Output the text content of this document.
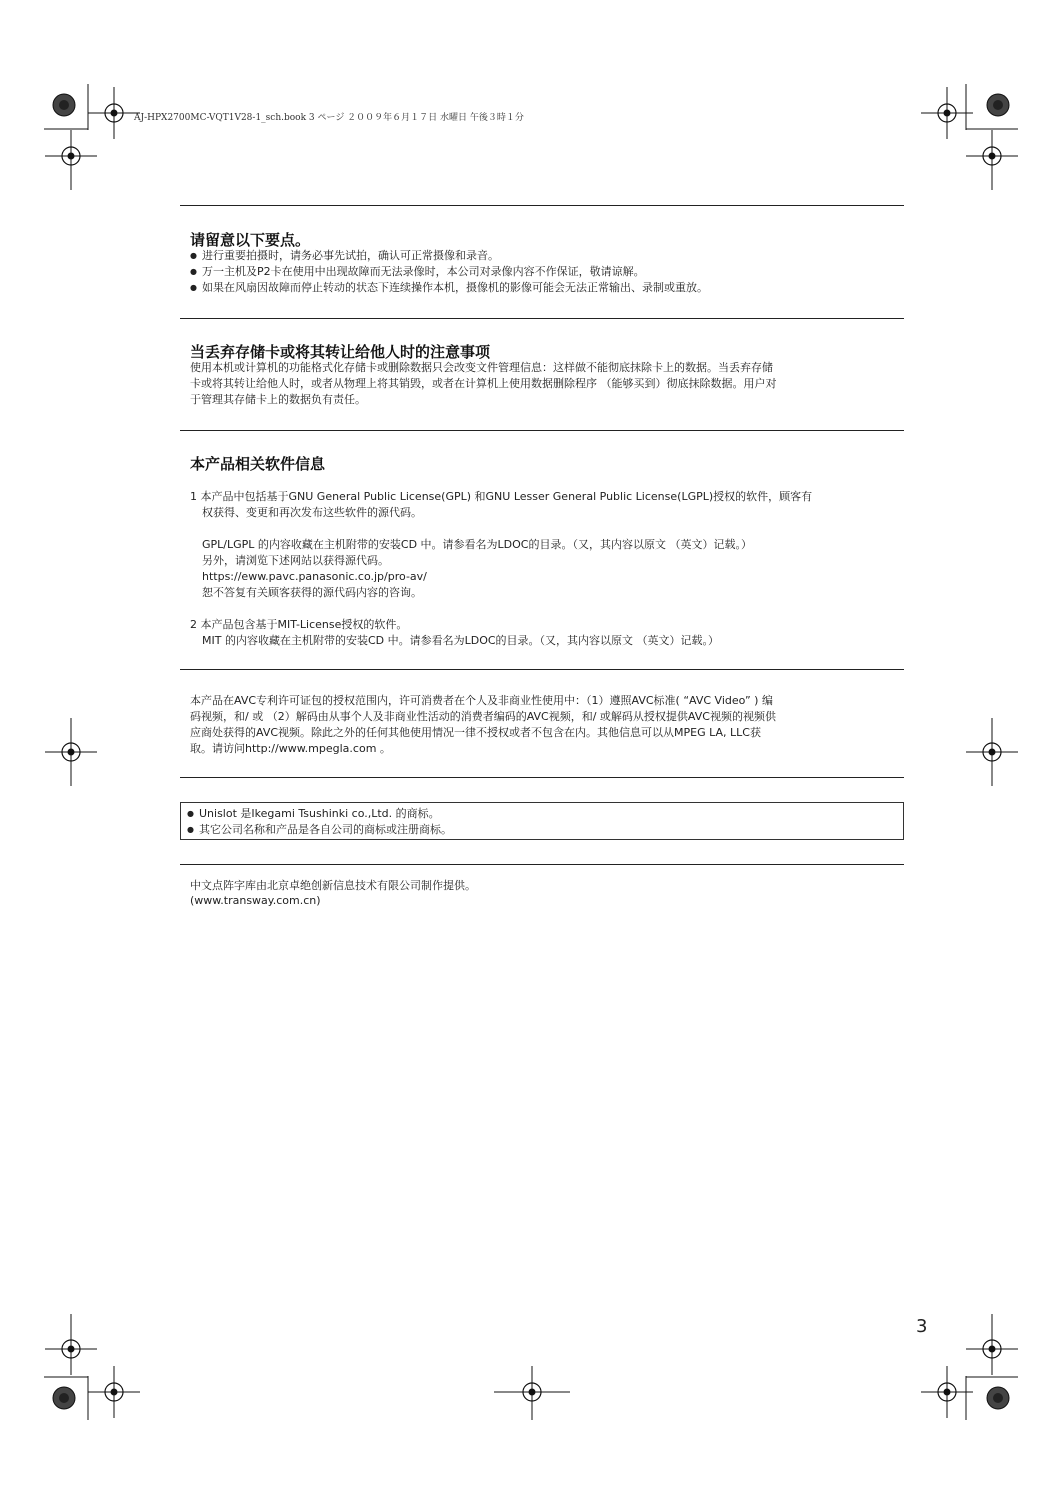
AJ-HPX2700MC-VQT1V28-1_sch.book 3 ページ ２００９年６月１７日 水曜日 午後３時１分
请留意以下要点。
● 进行重要拍摄时，请务必事先试拍，确认可正常摄像和录音。
● 万一主机及P2卡在使用中出现故障而无法录像时，本公司对录像内容不作保证，敬请谅解。
● 如果在风扇因故障而停止转动的状态下连续操作本机，摄像机的影像可能会无法正常输出、录制或重放。
当丢弃存储卡或将其转让给他人时的注意事项
使用本机或计算机的功能格式化存储卡或删除数据只会改变文件管理信息：这样做不能彻底抹除卡上的数据。当丢弃存储
卡或将其转让给他人时，或者从物理上将其销毁，或者在计算机上使用数据删除程序 （能够买到）彻底抹除数据。用户对
于管理其存储卡上的数据负有责任。
本产品相关软件信息
1 本产品中包括基于GNU General Public License(GPL) 和GNU Lesser General Public License(LGPL)授权的软件，顾客有
权获得、变更和再次发布这些软件的源代码。
GPL/LGPL 的内容收藏在主机附带的安装CD 中。请参看名为LDOC的目录。（又，其内容以原文 （英文）记载。）
另外，请浏览下述网站以获得源代码。
https://eww.pavc.panasonic.co.jp/pro-av/
恕不答复有关顾客获得的源代码内容的咨询。
2 本产品包含基于MIT-License授权的软件。
MIT 的内容收藏在主机附带的安装CD 中。请参看名为LDOC的目录。（又，其内容以原文 （英文）记载。）
本产品在AVC专利许可证包的授权范围内，许可消费者在个人及非商业性使用中：（1）遵照AVC标准( “AVC Video” ) 编
码视频，和/ 或 （2）解码由从事个人及非商业性活动的消费者编码的AVC视频，和/ 或解码从授权提供AVC视频的视频供
应商处获得的AVC视频。除此之外的任何其他使用情况一律不授权或者不包含在内。其他信息可以从MPEG LA, LLC获
取。请访问http://www.mpegla.com 。
● Unislot 是Ikegami Tsushinki co.,Ltd. 的商标。
● 其它公司名称和产品是各自公司的商标或注册商标。
中文点阵字库由北京卓绝创新信息技术有限公司制作提供。
(www.transway.com.cn)
3
